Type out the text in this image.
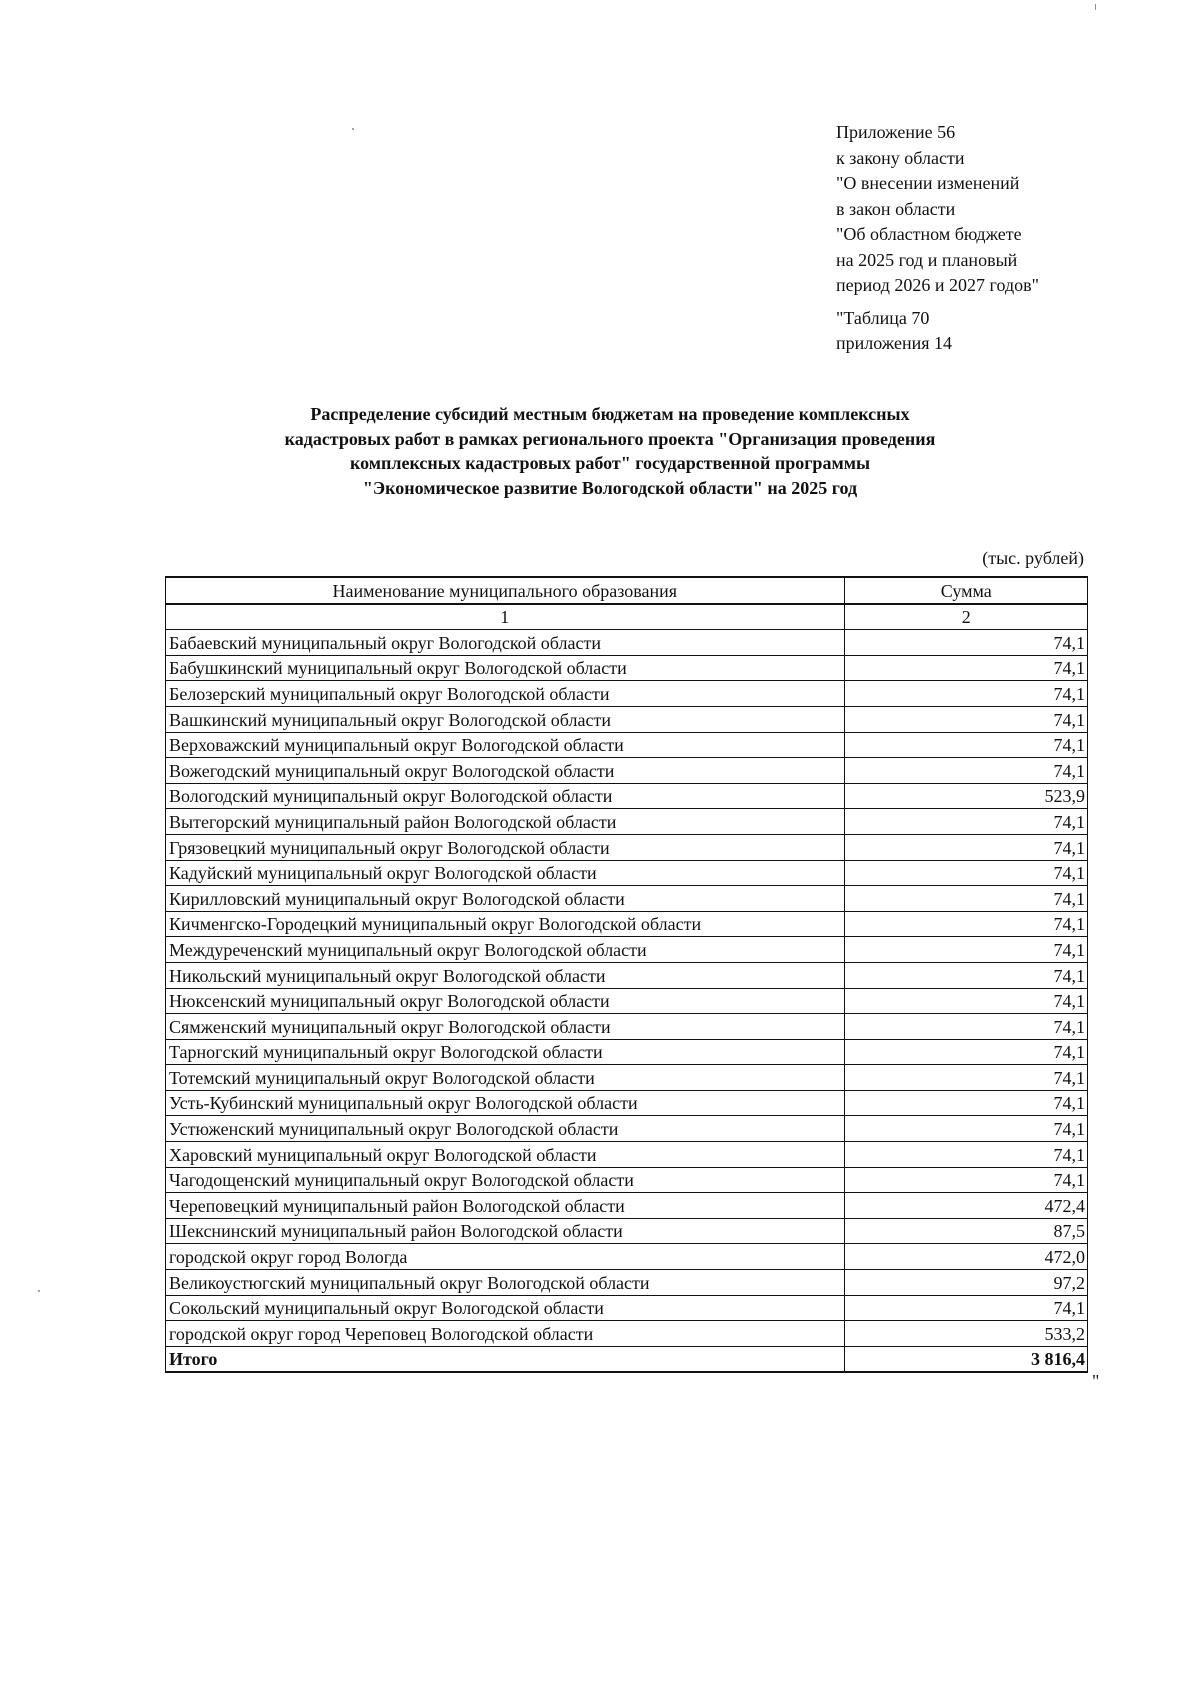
Приложение 56
к закону области
"О внесении изменений
в закон области
"Об областном бюджете
на 2025 год и плановый
период 2026 и 2027 годов"
"Таблица 70
приложения 14
Распределение субсидий местным бюджетам на проведение комплексных
кадастровых работ в рамках регионального проекта "Организация проведения
комплексных кадастровых работ" государственной программы
"Экономическое развитие Вологодской области" на 2025 год
(тыс. рублей)
Наименование муниципального образования	Сумма
1	2
Бабаевский муниципальный округ Вологодской области	74,1
Бабушкинский муниципальный округ Вологодской области	74,1
Белозерский муниципальный округ Вологодской области	74,1
Вашкинский муниципальный округ Вологодской области	74,1
Верховажский муниципальный округ Вологодской области	74,1
Вожегодский муниципальный округ Вологодской области	74,1
Вологодский муниципальный округ Вологодской области	523,9
Вытегорский муниципальный район Вологодской области	74,1
Грязовецкий муниципальный округ Вологодской области	74,1
Кадуйский муниципальный округ Вологодской области	74,1
Кирилловский муниципальный округ Вологодской области	74,1
Кичменгско-Городецкий муниципальный округ Вологодской области	74,1
Междуреченский муниципальный округ Вологодской области	74,1
Никольский муниципальный округ Вологодской области	74,1
Нюксенский муниципальный округ Вологодской области	74,1
Сямженский муниципальный округ Вологодской области	74,1
Тарногский муниципальный округ Вологодской области	74,1
Тотемский муниципальный округ Вологодской области	74,1
Усть-Кубинский муниципальный округ Вологодской области	74,1
Устюженский муниципальный округ Вологодской области	74,1
Харовский муниципальный округ Вологодской области	74,1
Чагодощенский муниципальный округ Вологодской области	74,1
Череповецкий муниципальный район Вологодской области	472,4
Шекснинский муниципальный район Вологодской области	87,5
городской округ город Вологда	472,0
Великоустюгский муниципальный округ Вологодской области	97,2
Сокольский муниципальный округ Вологодской области	74,1
городской округ город Череповец Вологодской области	533,2
Итого	3 816,4
"
